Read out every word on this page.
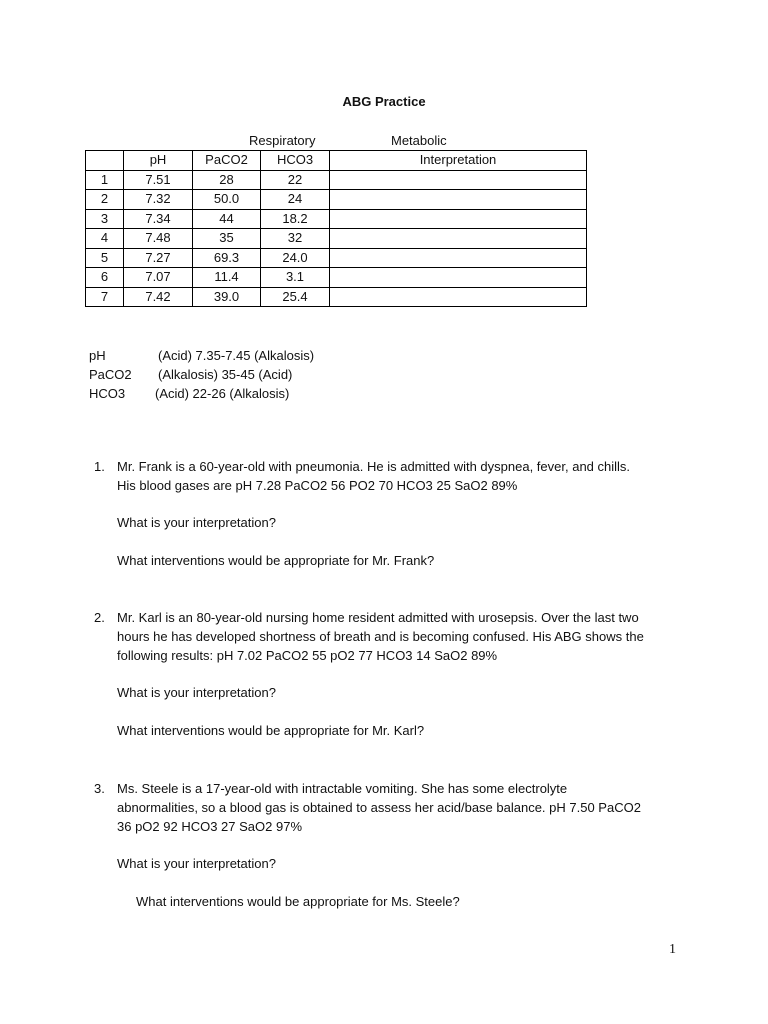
ABG Practice
Respiratory	Metabolic
	pH	PaCO2	HCO3	Interpretation
1	7.51	28	22	
2	7.32	50.0	24	
3	7.34	44	18.2	
4	7.48	35	32	
5	7.27	69.3	24.0	
6	7.07	11.4	3.1	
7	7.42	39.0	25.4	
pH	(Acid) 7.35-7.45 (Alkalosis)
PaCO2 (Alkalosis) 35-45 (Acid)
HCO3 (Acid) 22-26 (Alkalosis)
1. Mr. Frank is a 60-year-old with pneumonia. He is admitted with dyspnea, fever, and chills.
His blood gases are pH 7.28 PaCO2 56 PO2 70 HCO3 25 SaO2 89%
What is your interpretation?
What interventions would be appropriate for Mr. Frank?
2. Mr. Karl is an 80-year-old nursing home resident admitted with urosepsis. Over the last two
hours he has developed shortness of breath and is becoming confused. His ABG shows the
following results: pH 7.02 PaCO2 55 pO2 77 HCO3 14 SaO2 89%
What is your interpretation?
What interventions would be appropriate for Mr. Karl?
3. Ms. Steele is a 17-year-old with intractable vomiting. She has some electrolyte
abnormalities, so a blood gas is obtained to assess her acid/base balance. pH 7.50 PaCO2
36 pO2 92 HCO3 27 SaO2 97%
What is your interpretation?
What interventions would be appropriate for Ms. Steele?
1
